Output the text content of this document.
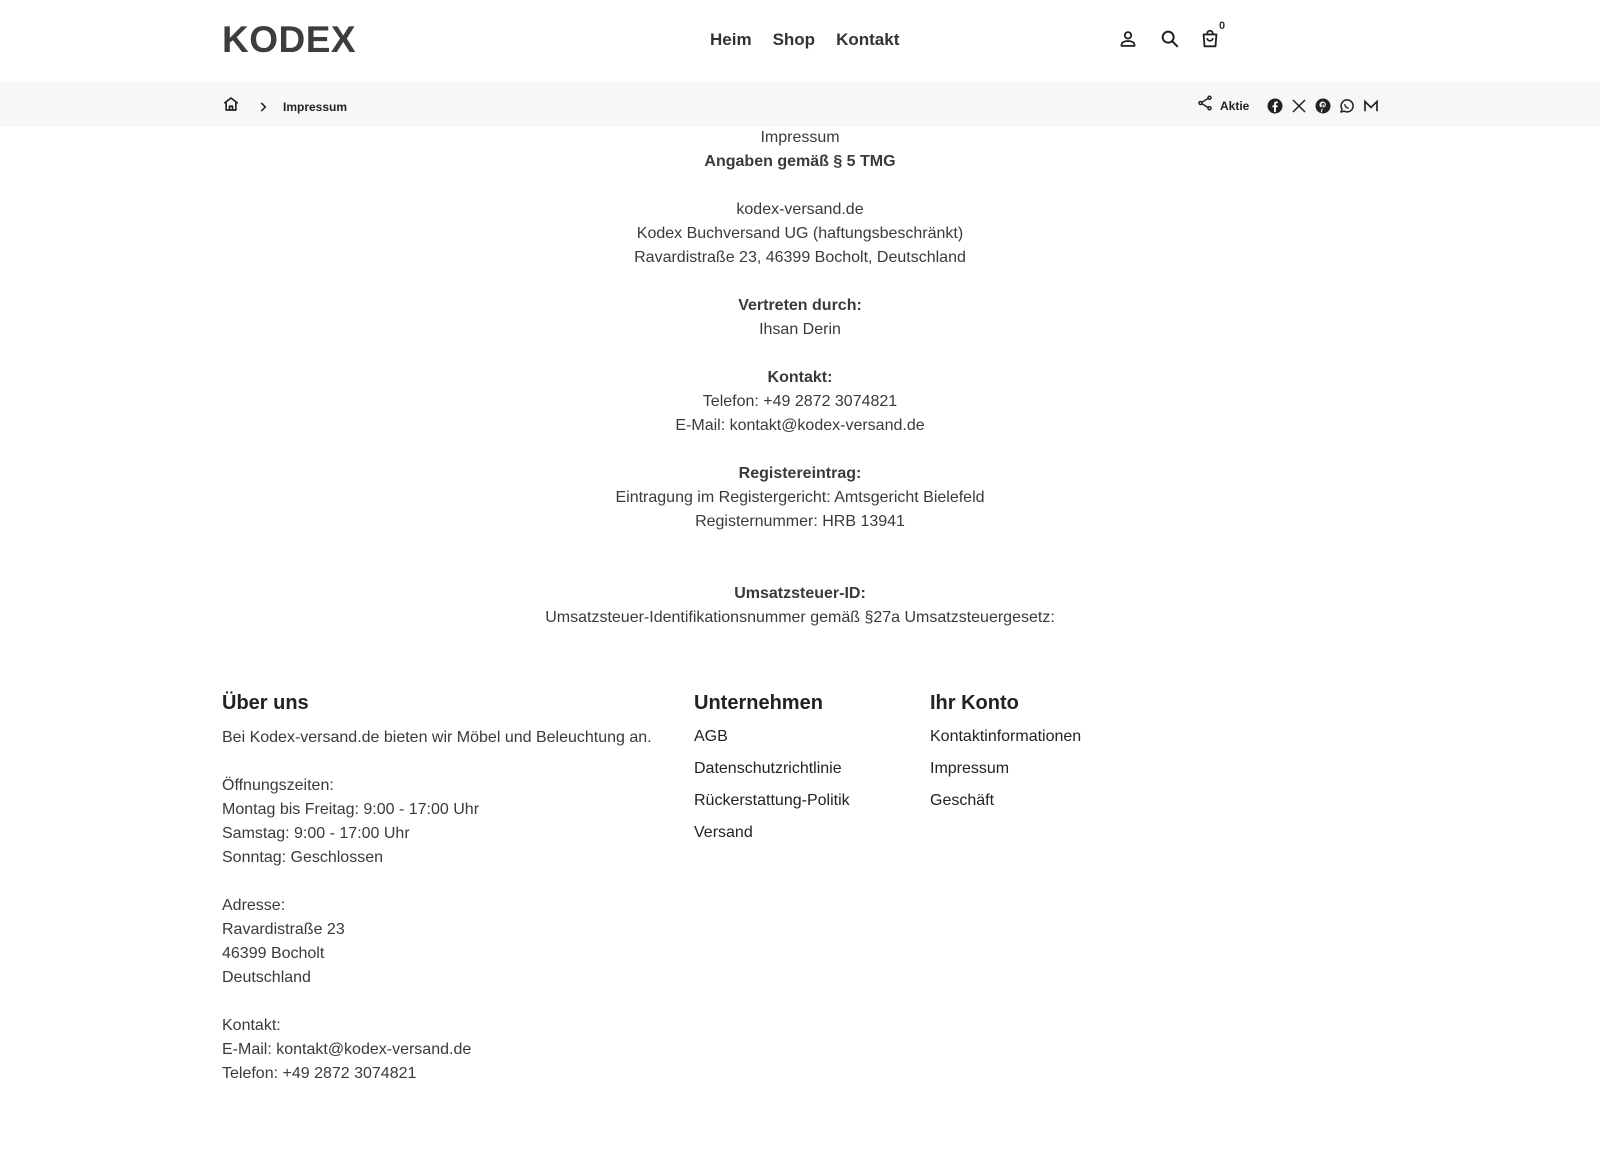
KODEX	Heim Shop Kontakt
0
Impressum	Aktie
Impressum
Angaben gemäß § 5 TMG
kodex-versand.de
Kodex Buchversand UG (haftungsbeschränkt)
Ravardistraße 23, 46399 Bocholt, Deutschland
Vertreten durch:
Ihsan Derin
Kontakt:
Telefon: +49 2872 3074821
E-Mail: kontakt@kodex-versand.de
Registereintrag:
Eintragung im Registergericht: Amtsgericht Bielefeld
Registernummer: HRB 13941
Umsatzsteuer-ID:
Umsatzsteuer-Identifikationsnummer gemäß §27a Umsatzsteuergesetz:
Über uns

Bei Kodex-versand.de bieten wir Möbel und Beleuchtung an.

Öffnungszeiten:

Montag bis Freitag: 9:00 - 17:00 Uhr

Samstag: 9:00 - 17:00 Uhr

Sonntag: Geschlossen

Adresse:

Ravardistraße 23

46399 Bocholt

Deutschland

Kontakt:

E-Mail: kontakt@kodex-versand.de

Telefon: +49 2872 3074821

Unternehmen
AGB
Datenschutzrichtlinie
Rückerstattung-Politik
Versand
Ihr Konto
Kontaktinformationen
Impressum
Geschäft
